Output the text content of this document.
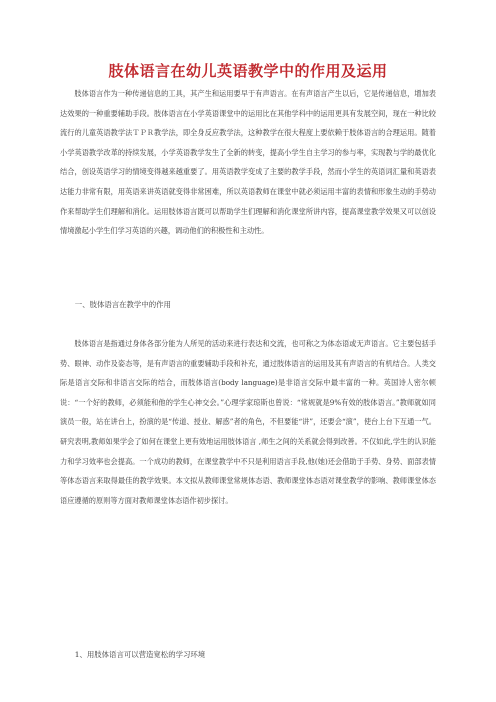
肢体语言在幼儿英语教学中的作用及运用

肢体语言作为一种传递信息的工具，其产生和运用要早于有声语言。在有声语言产生以后，它是传递信息，增加表达效果的一种重要辅助手段。肢体语言在小学英语课堂中的运用比在其他学科中的运用更具有发展空间，现在一种比较流行的儿童英语教学法ＴＰＲ教学法，即全身反应教学法，这种教学在很大程度上要依赖于肢体语言的合理运用。随着小学英语教学改革的持续发展，小学英语教学发生了全新的转变，提高小学生自主学习的参与率，实现教与学的最优化结合，创设英语学习的情境变得越来越重要了。用英语教学变成了主要的教学手段，然而小学生的英语词汇量和英语表达能力非常有限，用英语来讲英语就变得非常困难，所以英语教师在课堂中就必须运用丰富的表情和形象生动的手势动作来帮助学生们理解和消化。运用肢体语言既可以帮助学生们理解和消化课堂所讲内容，提高课堂教学效果又可以创设情境激起小学生们学习英语的兴趣，调动他们的积极性和主动性。

一、肢体语言在教学中的作用

肢体语言是指通过身体各部分能为人所见的活动来进行表达和交流，也可称之为体态语或无声语言。它主要包括手势、眼神、动作及姿态等，是有声语言的重要辅助手段和补充，通过肢体语言的运用及其有声语言的有机结合。人类交际是语言交际和非语言交际的结合，而肢体语言(body language)是非语言交际中最丰富的一种。英国诗人密尔顿说：“一个好的教师，必须能和他的学生心神交会。”心理学家琼斯也曾说：“常规就是9%有效的肢体语言。”教师就如同演员一般，站在讲台上，扮演的是“传道、授业、解惑”者的角色，不但要能“讲”，还要会“演”，使台上台下互通一气。研究表明,教师如果学会了如何在课堂上更有效地运用肢体语言 ,师生之间的关系就会得到改善。不仅如此,学生的认识能力和学习效率也会提高。一个成功的教师，在课堂教学中不只是利用语言手段,他(她)还会借助于手势、身势、面部表情等体态语言来取得最佳的教学效果。本文拟从教师课堂常规体态语、教师课堂体态语对课堂教学的影响、教师课堂体态语应遵循的原则等方面对教师课堂体态语作初步探讨。

1、用肢体语言可以营造宽松的学习环境
